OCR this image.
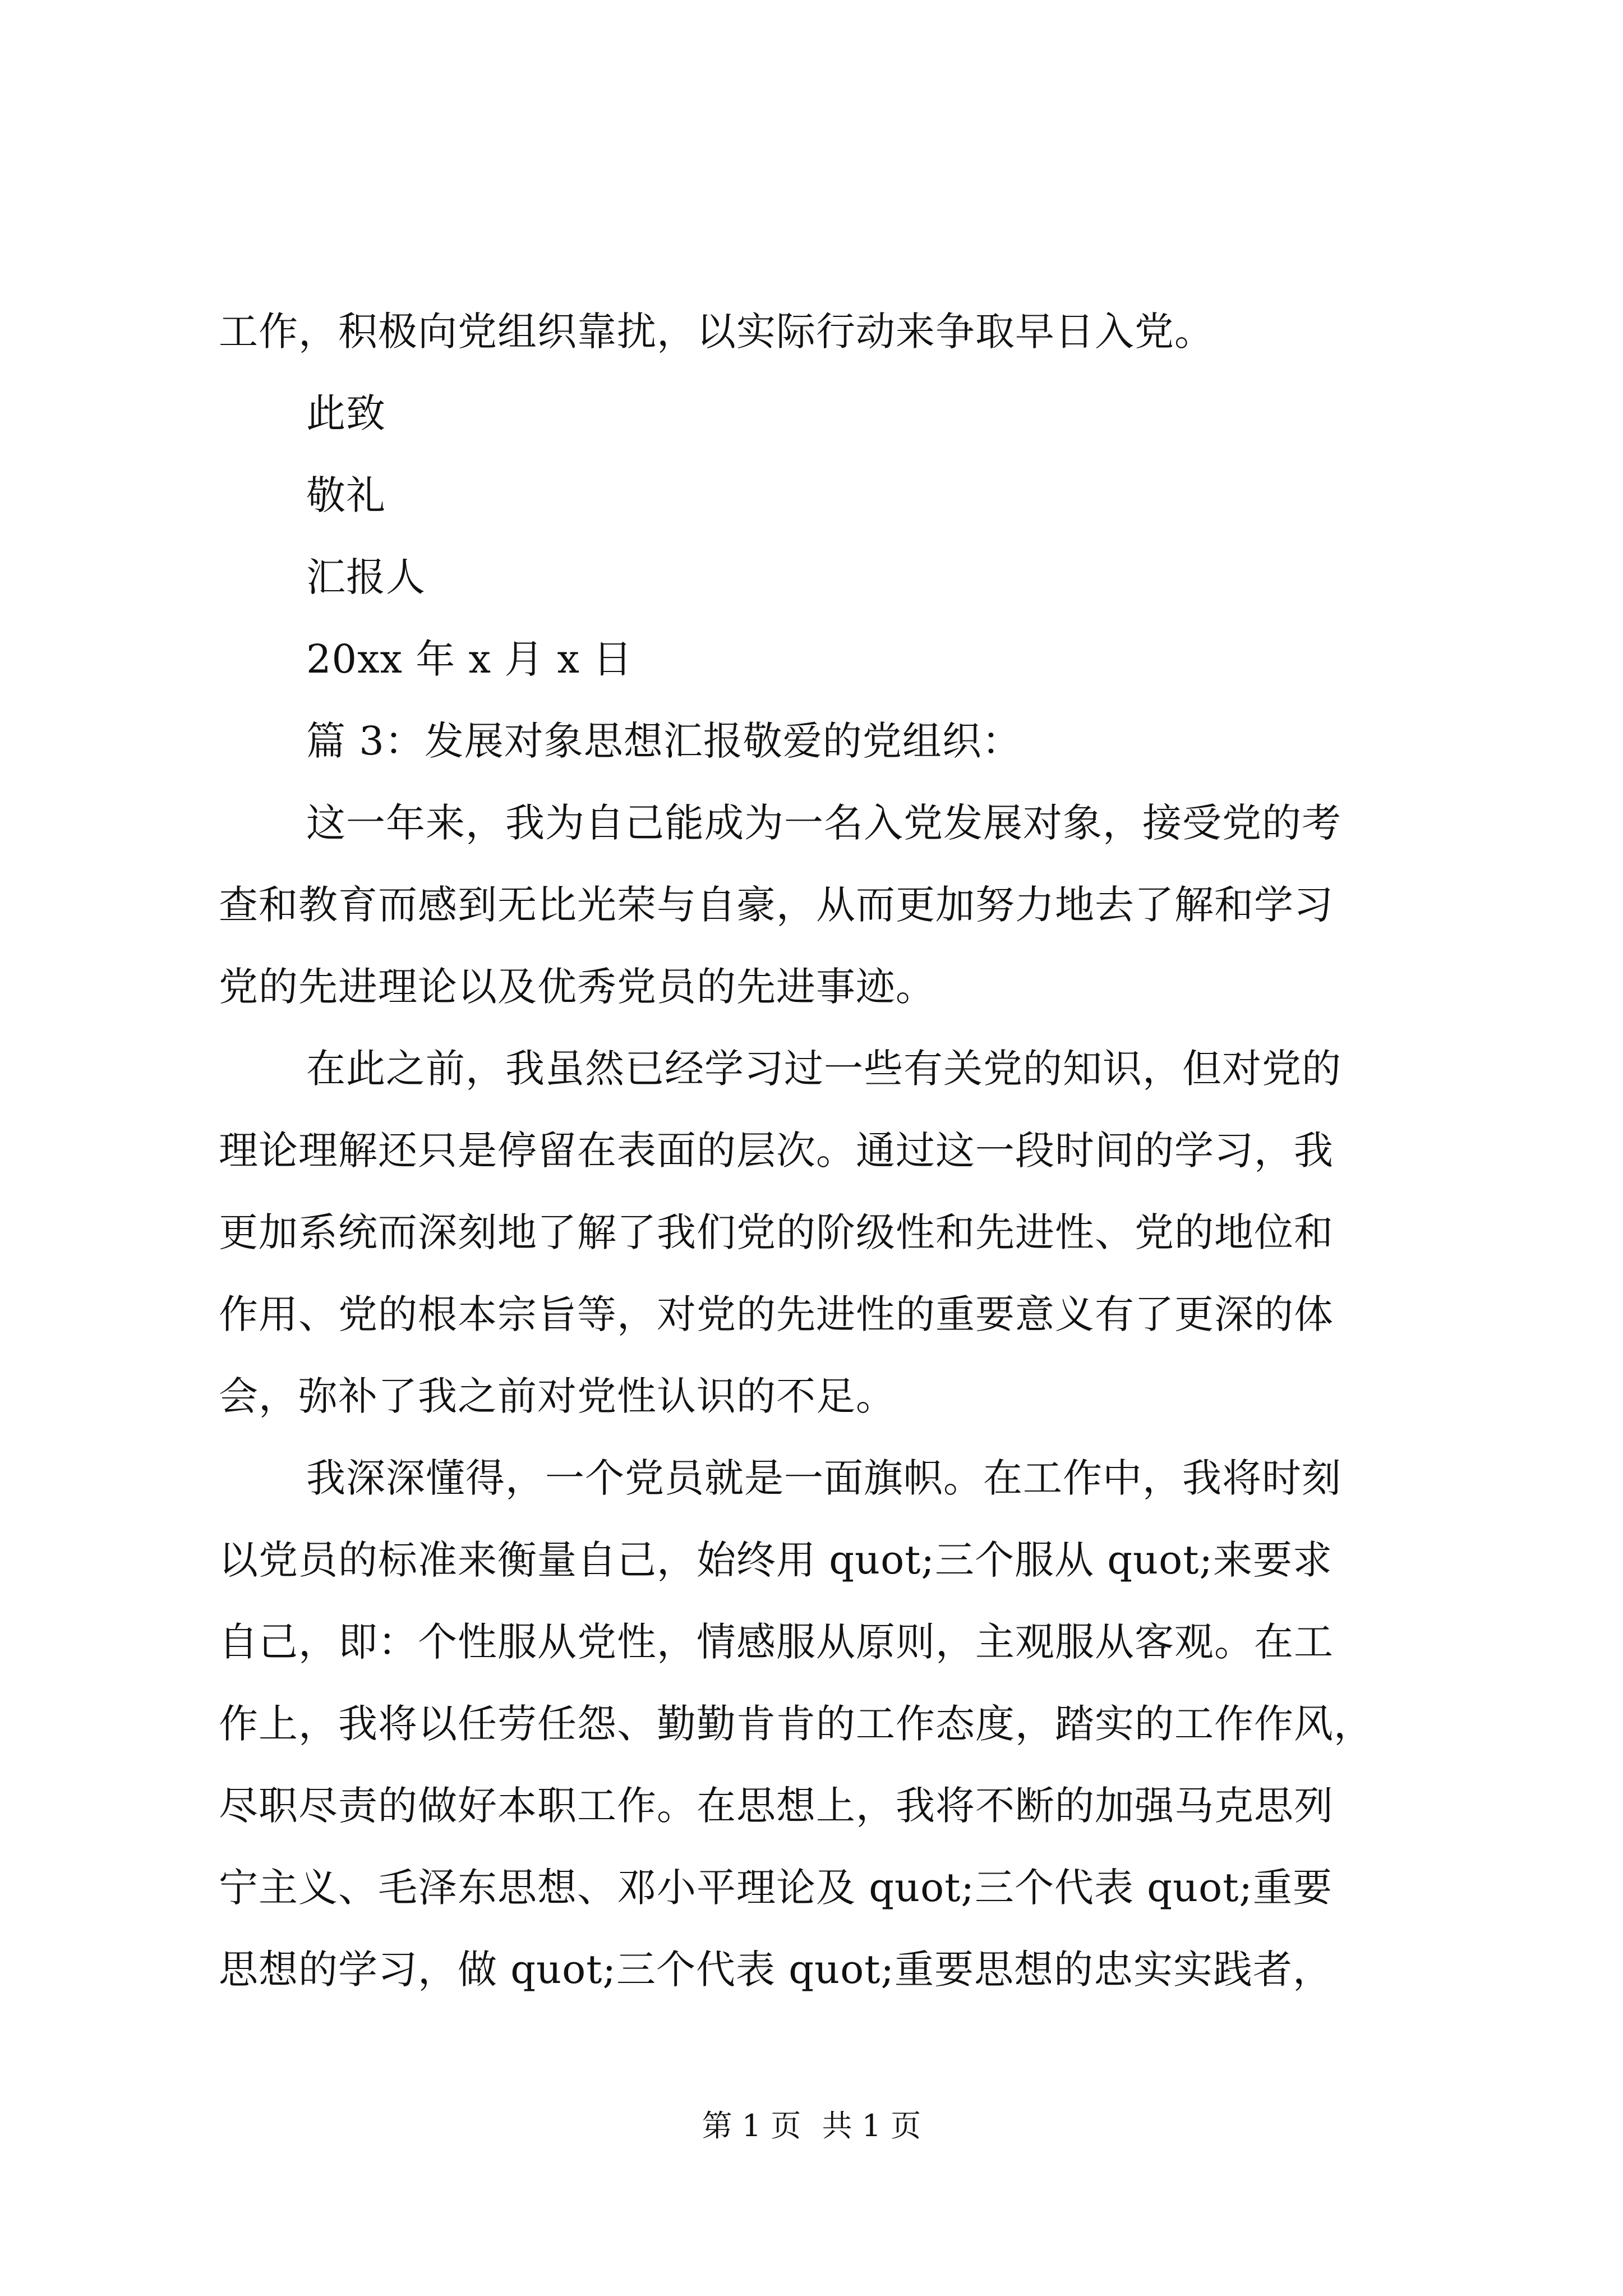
工作，积极向党组织靠扰，以实际行动来争取早日入党。
此致
敬礼
汇报人
20xx 年 x 月 x 日
篇 3：发展对象思想汇报敬爱的党组织：
这一年来，我为自己能成为一名入党发展对象，接受党的考
查和教育而感到无比光荣与自豪，从而更加努力地去了解和学习
党的先进理论以及优秀党员的先进事迹。
在此之前，我虽然已经学习过一些有关党的知识，但对党的
理论理解还只是停留在表面的层次。通过这一段时间的学习，我
更加系统而深刻地了解了我们党的阶级性和先进性、党的地位和
作用、党的根本宗旨等，对党的先进性的重要意义有了更深的体
会，弥补了我之前对党性认识的不足。
我深深懂得，一个党员就是一面旗帜。在工作中，我将时刻
以党员的标准来衡量自己，始终用 quot;三个服从 quot;来要求
自己，即：个性服从党性，情感服从原则，主观服从客观。在工
作上，我将以任劳任怨、勤勤肯肯的工作态度，踏实的工作作风，
尽职尽责的做好本职工作。在思想上，我将不断的加强马克思列
宁主义、毛泽东思想、邓小平理论及 quot;三个代表 quot;重要
思想的学习，做 quot;三个代表 quot;重要思想的忠实实践者，
第 1 页 共 1 页
